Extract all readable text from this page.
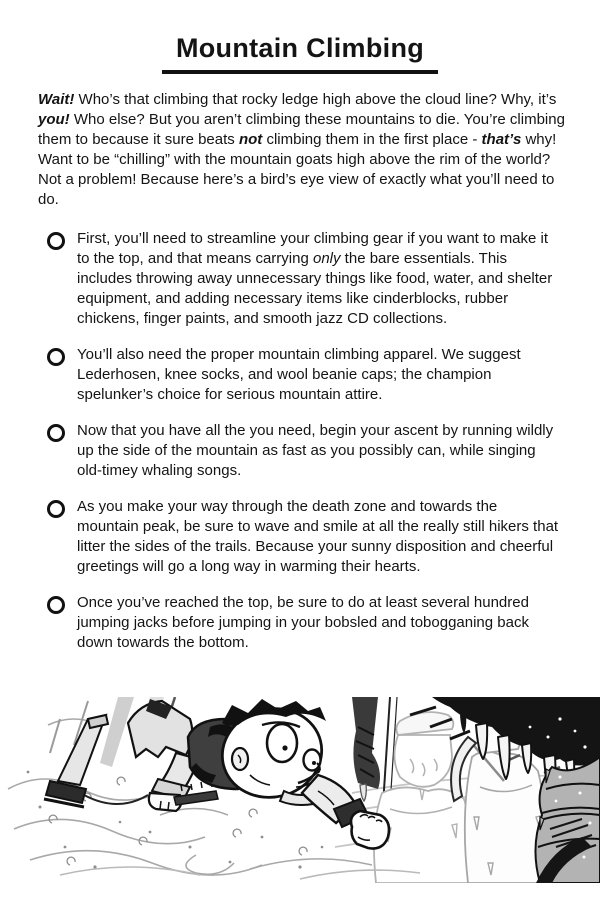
Mountain Climbing

Wait! Who’s that climbing that rocky ledge high above the cloud line? Why, it’s you! Who else? But you aren’t climbing these mountains to die. You’re climbing them to because it sure beats not climbing them in the first place - that’s why! Want to be “chilling” with the mountain goats high above the rim of the world? Not a problem! Because here’s a bird’s eye view of exactly what you’ll need to do.

First, you’ll need to streamline your climbing gear if you want to make it to the top, and that means carrying only the bare essentials. This includes throwing away unnecessary things like food, water, and shelter equipment, and adding necessary items like cinderblocks, rubber chickens, finger paints, and smooth jazz CD collections.

You’ll also need the proper mountain climbing apparel. We suggest Lederhosen, knee socks, and wool beanie caps; the champion spelunker’s choice for serious mountain attire.

Now that you have all the you need, begin your ascent by running wildly up the side of the mountain as fast as you possibly can, while singing old-timey whaling songs.

As you make your way through the death zone and towards the mountain peak, be sure to wave and smile at all the really still hikers that litter the sides of the trails. Because your sunny disposition and cheerful greetings will go a long way in warming their hearts.

Once you’ve reached the top, be sure to do at least several hundred jumping jacks before jumping in your bobsled and tobogganing back down towards the bottom.
